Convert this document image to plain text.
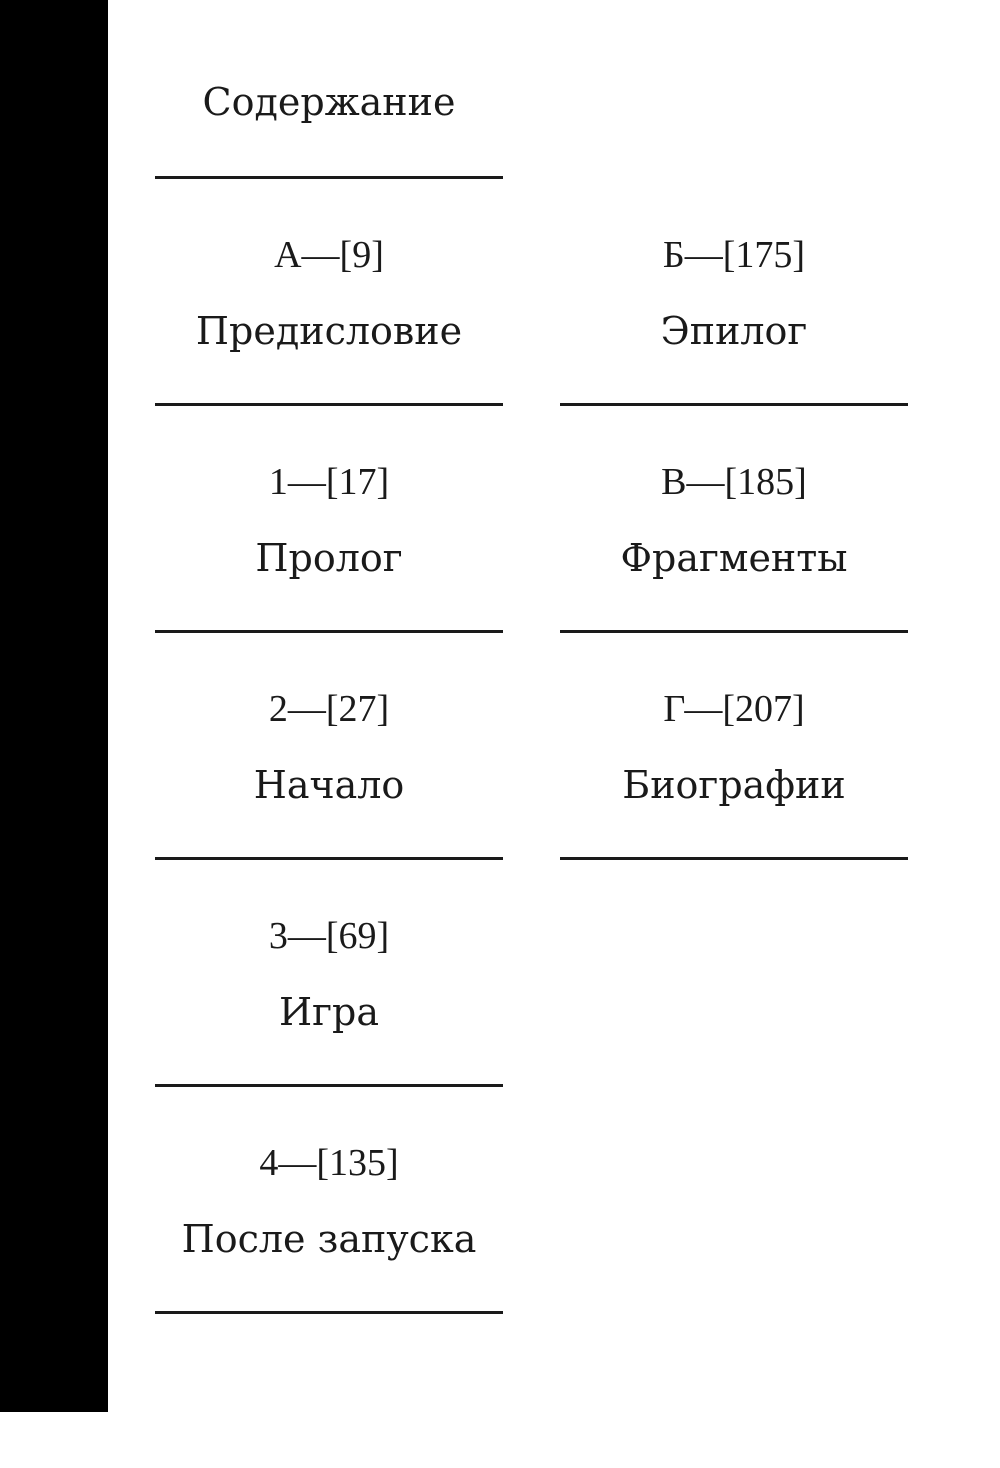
Содержание
А—[9]
Предисловие
1—[17]
Пролог
2—[27]
Начало
3—[69]
Игра
4—[135]
После запуска
Б—[175]
Эпилог
В—[185]
Фрагменты
Г—[207]
Биографии
